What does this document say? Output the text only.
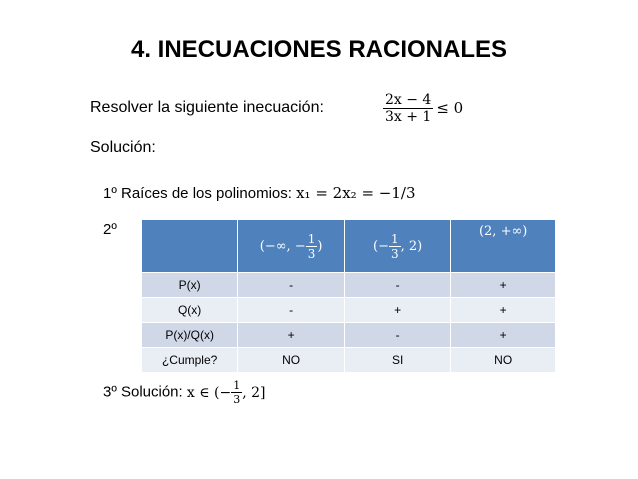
4. INECUACIONES RACIONALES
Resolver la siguiente inecuación:	$\frac{2x - 4}{3x + 1} \le 0$
Solución:
1º Raíces de los polinomios: x₁ = 2x₂ = −1/3
2º
	(−∞, − $\frac{1}{3}$ )	(− $\frac{1}{3}$ , 2)	(2, +∞)
P(x)	-	-	+
Q(x)	-	+	+
P(x)/Q(x)	+	-	+
¿Cumple?	NO	SI	NO
3º Solución: x ∈ (− $\frac{1}{3}$ , 2]
